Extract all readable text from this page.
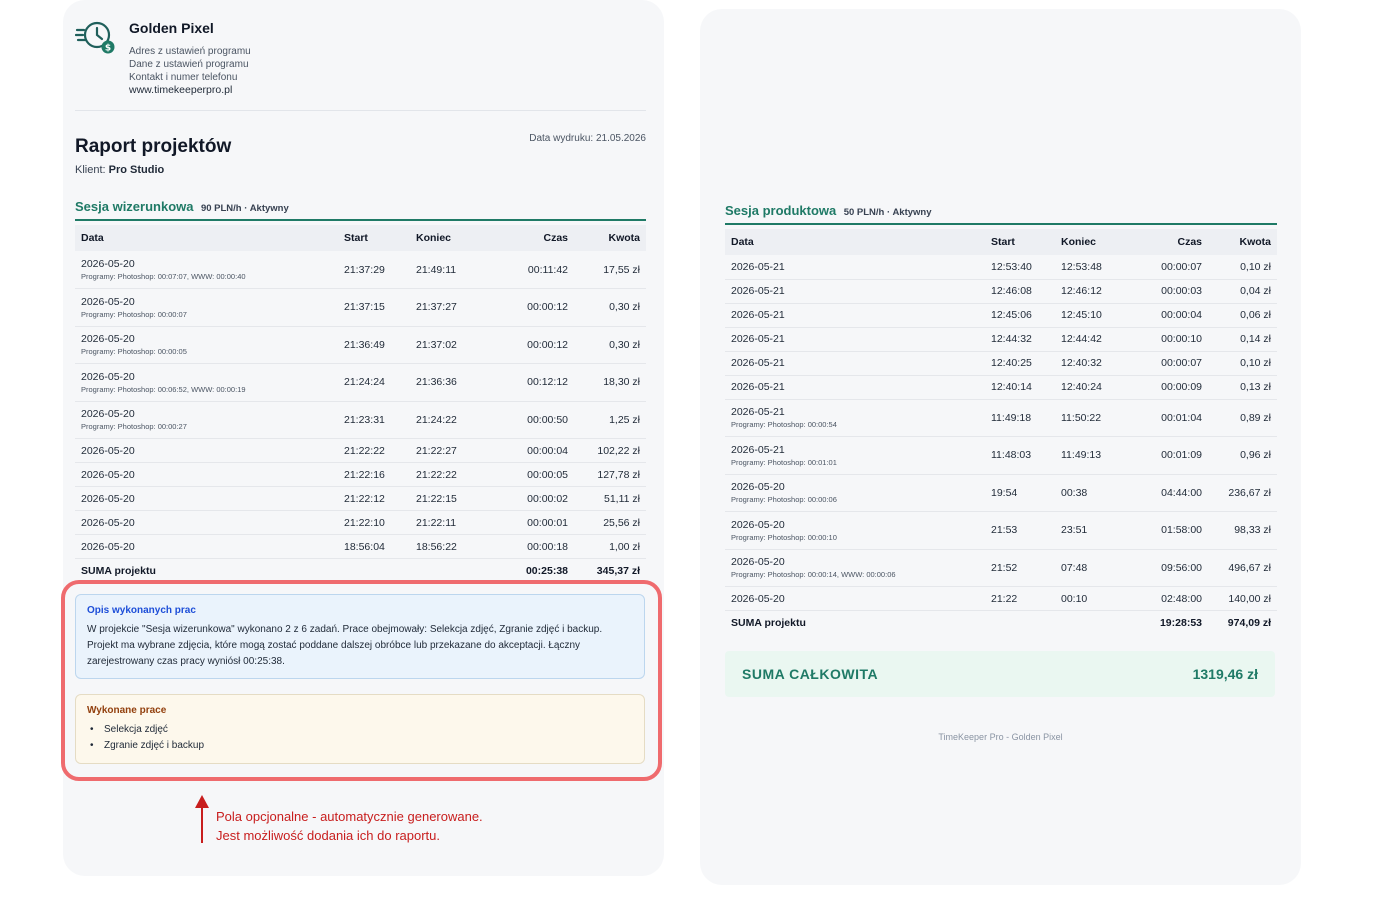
$
Golden Pixel
Adres z ustawień programu
Dane z ustawień programu
Kontakt i numer telefonu
www.timekeeperpro.pl
Data wydruku: 21.05.2026
Raport projektów
Klient: Pro Studio
Sesja wizerunkowa 90 PLN/h · Aktywny
Data	Start	Koniec	Czas	Kwota
2026-05-20
Programy: Photoshop: 00:07:07, WWW: 00:00:40	21:37:29	21:49:11	00:11:42	17,55 zł
2026-05-20
Programy: Photoshop: 00:00:07	21:37:15	21:37:27	00:00:12	0,30 zł
2026-05-20
Programy: Photoshop: 00:00:05	21:36:49	21:37:02	00:00:12	0,30 zł
2026-05-20
Programy: Photoshop: 00:06:52, WWW: 00:00:19	21:24:24	21:36:36	00:12:12	18,30 zł
2026-05-20
Programy: Photoshop: 00:00:27	21:23:31	21:24:22	00:00:50	1,25 zł
2026-05-20	21:22:22	21:22:27	00:00:04	102,22 zł
2026-05-20	21:22:16	21:22:22	00:00:05	127,78 zł
2026-05-20	21:22:12	21:22:15	00:00:02	51,11 zł
2026-05-20	21:22:10	21:22:11	00:00:01	25,56 zł
2026-05-20	18:56:04	18:56:22	00:00:18	1,00 zł
SUMA projektu			00:25:38	345,37 zł
Opis wykonanych prac
W projekcie "Sesja wizerunkowa" wykonano 2 z 6 zadań. Prace obejmowały: Selekcja zdjęć, Zgranie zdjęć i backup.
Projekt ma wybrane zdjęcia, które mogą zostać poddane dalszej obróbce lub przekazane do akceptacji. Łączny
zarejestrowany czas pracy wyniósł 00:25:38.
Wykonane prace
• Selekcja zdjęć
• Zgranie zdjęć i backup
Sesja produktowa 50 PLN/h · Aktywny
Data	Start	Koniec	Czas	Kwota
2026-05-21	12:53:40	12:53:48	00:00:07	0,10 zł
2026-05-21	12:46:08	12:46:12	00:00:03	0,04 zł
2026-05-21	12:45:06	12:45:10	00:00:04	0,06 zł
2026-05-21	12:44:32	12:44:42	00:00:10	0,14 zł
2026-05-21	12:40:25	12:40:32	00:00:07	0,10 zł
2026-05-21	12:40:14	12:40:24	00:00:09	0,13 zł
2026-05-21
Programy: Photoshop: 00:00:54	11:49:18	11:50:22	00:01:04	0,89 zł
2026-05-21
Programy: Photoshop: 00:01:01	11:48:03	11:49:13	00:01:09	0,96 zł
2026-05-20
Programy: Photoshop: 00:00:06	19:54	00:38	04:44:00	236,67 zł
2026-05-20
Programy: Photoshop: 00:00:10	21:53	23:51	01:58:00	98,33 zł
2026-05-20
Programy: Photoshop: 00:00:14, WWW: 00:00:06	21:52	07:48	09:56:00	496,67 zł
2026-05-20	21:22	00:10	02:48:00	140,00 zł
SUMA projektu			19:28:53	974,09 zł
SUMA CAŁKOWITA	1319,46 zł
TimeKeeper Pro - Golden Pixel
Pola opcjonalne - automatycznie generowane.
Jest możliwość dodania ich do raportu.
